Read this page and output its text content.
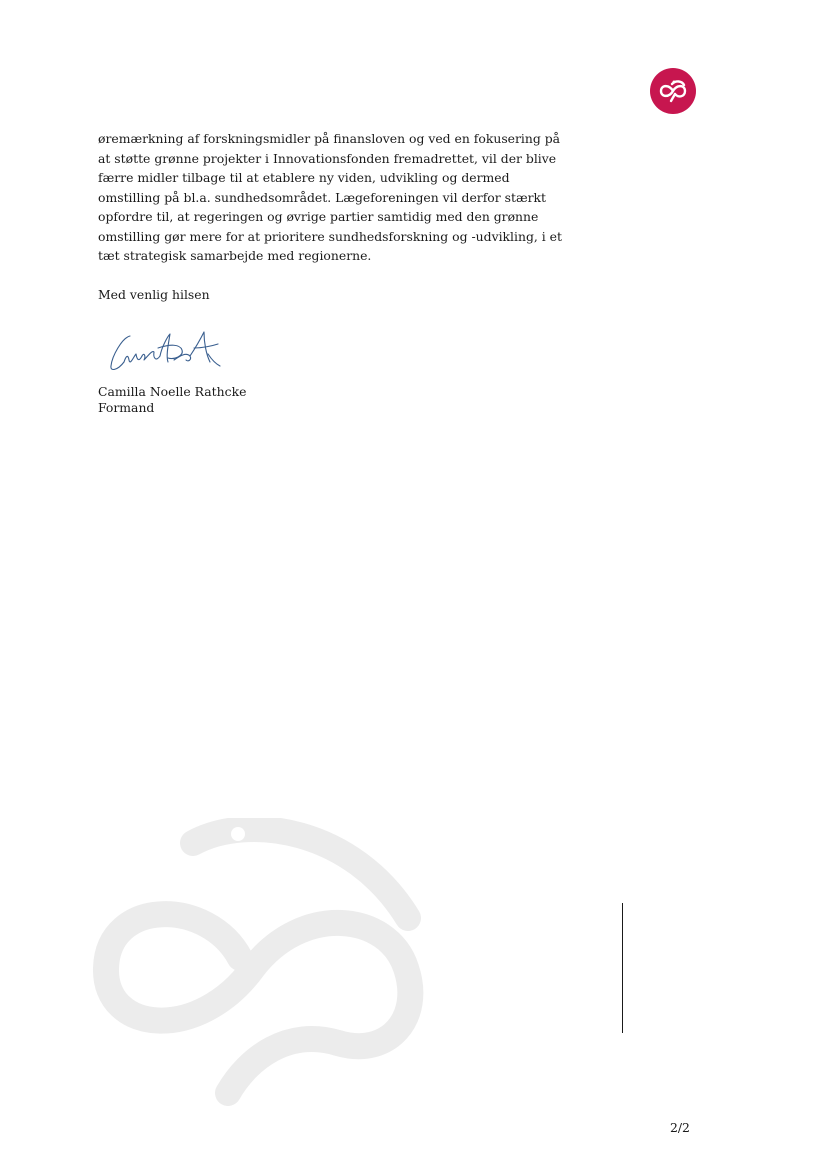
øremærkning af forskningsmidler på finansloven og ved en fokusering på

at støtte grønne projekter i Innovationsfonden fremadrettet, vil der blive

færre midler tilbage til at etablere ny viden, udvikling og dermed

omstilling på bl.a. sundhedsområdet. Lægeforeningen vil derfor stærkt

opfordre til, at regeringen og øvrige partier samtidig med den grønne

omstilling gør mere for at prioritere sundhedsforskning og -udvikling, i et

tæt strategisk samarbejde med regionerne.

Med venlig hilsen

Camilla Noelle Rathcke
Formand
2/2
